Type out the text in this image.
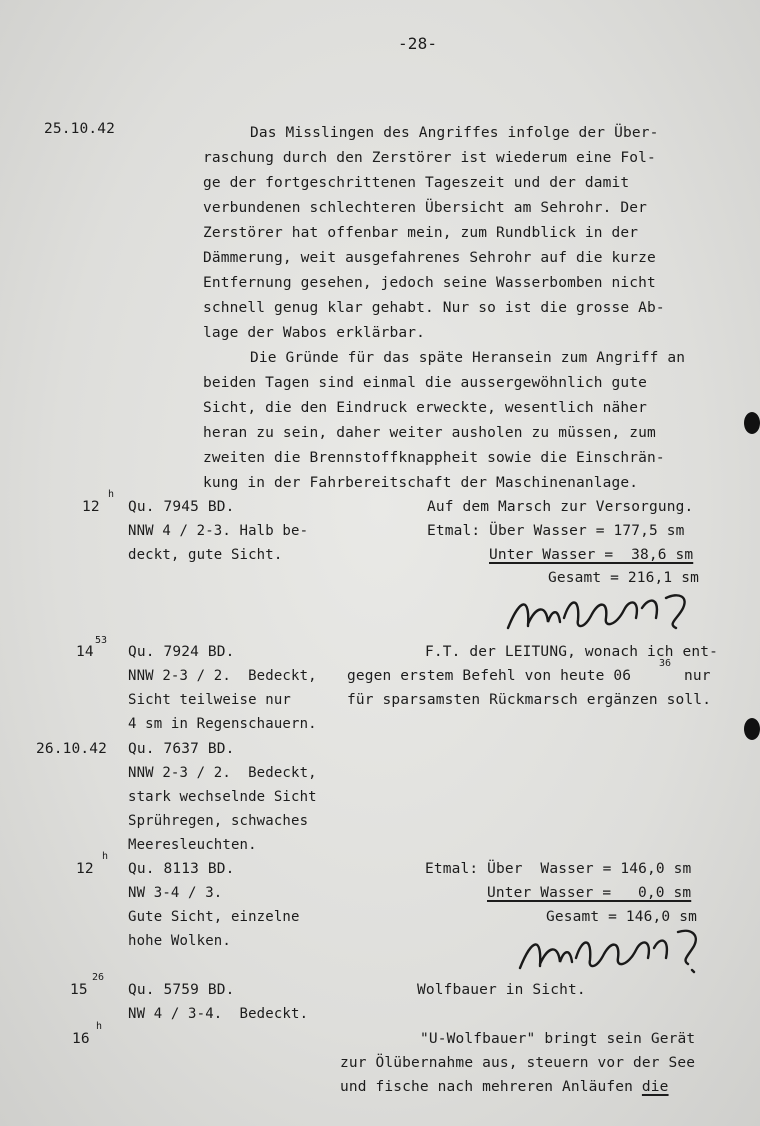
-28-
25.10.42	Das Misslingen des Angriffes infolge der Über-
raschung durch den Zerstörer ist wiederum eine Fol-
ge der fortgeschrittenen Tageszeit und der damit
verbundenen schlechteren Übersicht am Sehrohr. Der
Zerstörer hat offenbar mein, zum Rundblick in der
Dämmerung, weit ausgefahrenes Sehrohr auf die kurze
Entfernung gesehen, jedoch seine Wasserbomben nicht
schnell genug klar gehabt. Nur so ist die grosse Ab-
lage der Wabos erklärbar.
Die Gründe für das späte Heransein zum Angriff an
beiden Tagen sind einmal die aussergewöhnlich gute
Sicht, die den Eindruck erweckte, wesentlich näher
heran zu sein, daher weiter ausholen zu müssen, zum
zweiten die Brennstoffknappheit sowie die Einschrän-
kung in der Fahrbereitschaft der Maschinenanlage.
12
h
Qu. 7945 BD.
NNW 4 / 2-3. Halb be-
deckt, gute Sicht.
Auf dem Marsch zur Versorgung.
Etmal: Über Wasser = 177,5 sm
Unter Wasser =  38,6 sm
Gesamt = 216,1 sm
14
53
Qu. 7924 BD.
NNW 2-3 / 2.  Bedeckt,
Sicht teilweise nur
4 sm in Regenschauern.
F.T. der LEITUNG, wonach ich ent-
gegen erstem Befehl von heute 06
36
nur
für sparsamsten Rückmarsch ergänzen soll.
26.10.42 Qu. 7637 BD.
NNW 2-3 / 2.  Bedeckt,
stark wechselnde Sicht
Sprühregen, schwaches
Meeresleuchten.
12
h
Qu. 8113 BD.
NW 3-4 / 3.
Gute Sicht, einzelne
hohe Wolken.
Etmal: Über  Wasser = 146,0 sm
Unter Wasser =   0,0 sm
Gesamt = 146,0 sm
15
26
Qu. 5759 BD.
NW 4 / 3-4.  Bedeckt.
Wolfbauer in Sicht.
16
h
"U-Wolfbauer" bringt sein Gerät
zur Ölübernahme aus, steuern vor der See
und fische nach mehreren Anläufen die
